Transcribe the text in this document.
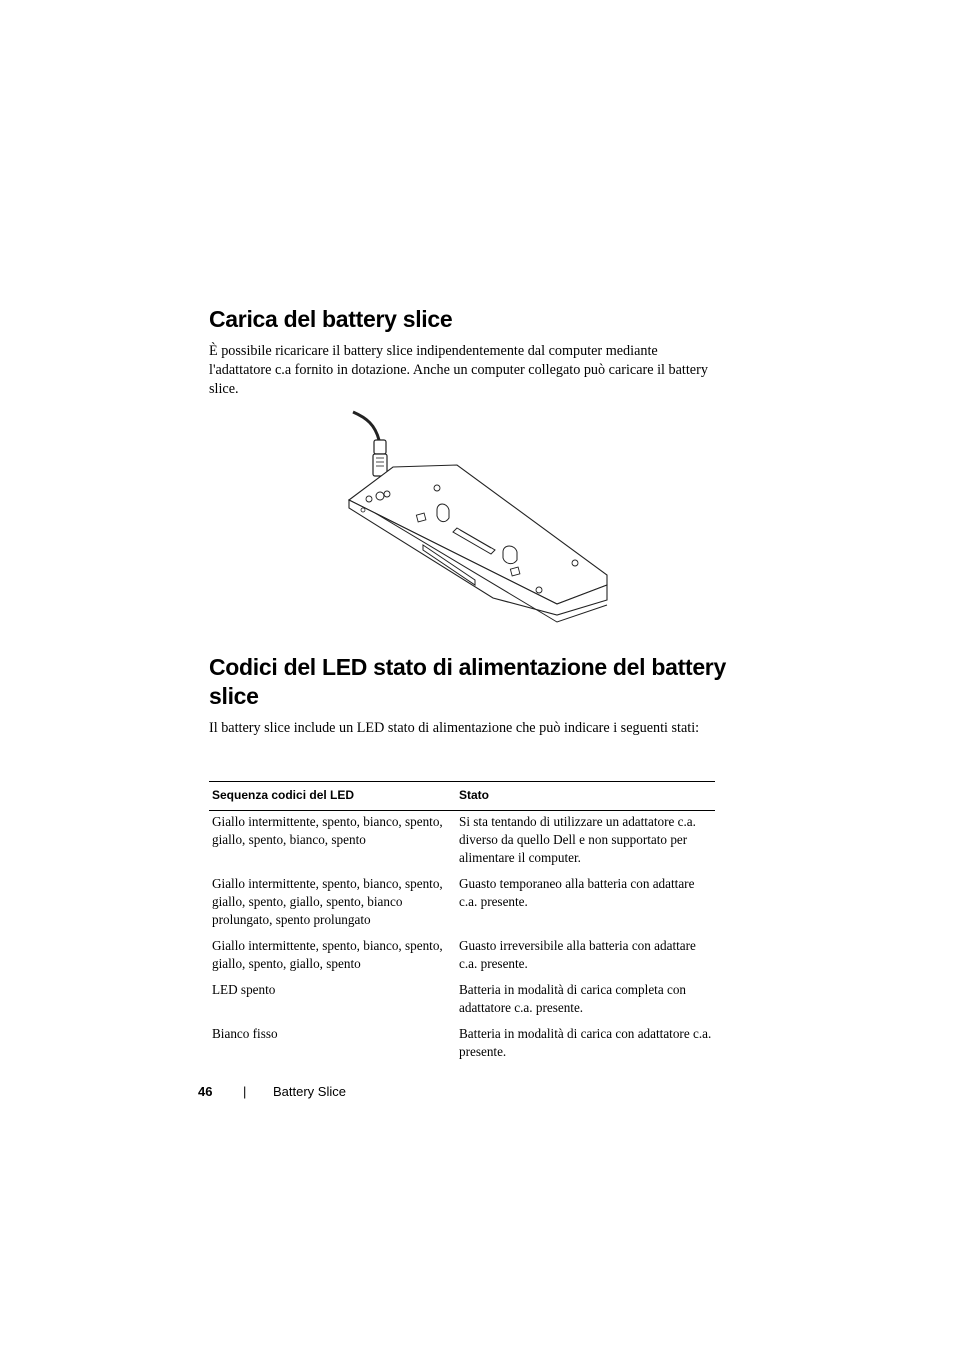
Carica del battery slice

È possibile ricaricare il battery slice indipendentemente dal computer mediante l'adattatore c.a fornito in dotazione. Anche un computer collegato può caricare il battery slice.

Codici del LED stato di alimentazione del battery slice

Il battery slice include un LED stato di alimentazione che può indicare i seguenti stati:

Sequenza codici del LED	Stato
Giallo intermittente, spento, bianco, spento, giallo, spento, bianco, spento	Si sta tentando di utilizzare un adattatore c.a. diverso da quello Dell e non supportato per alimentare il computer.
Giallo intermittente, spento, bianco, spento, giallo, spento, giallo, spento, bianco prolungato, spento prolungato	Guasto temporaneo alla batteria con adattare c.a. presente.
Giallo intermittente, spento, bianco, spento, giallo, spento, giallo, spento	Guasto irreversibile alla batteria con adattare c.a. presente.
LED spento	Batteria in modalità di carica completa con adattatore c.a. presente.
Bianco fisso	Batteria in modalità di carica con adattatore c.a. presente.
46 | Battery Slice
